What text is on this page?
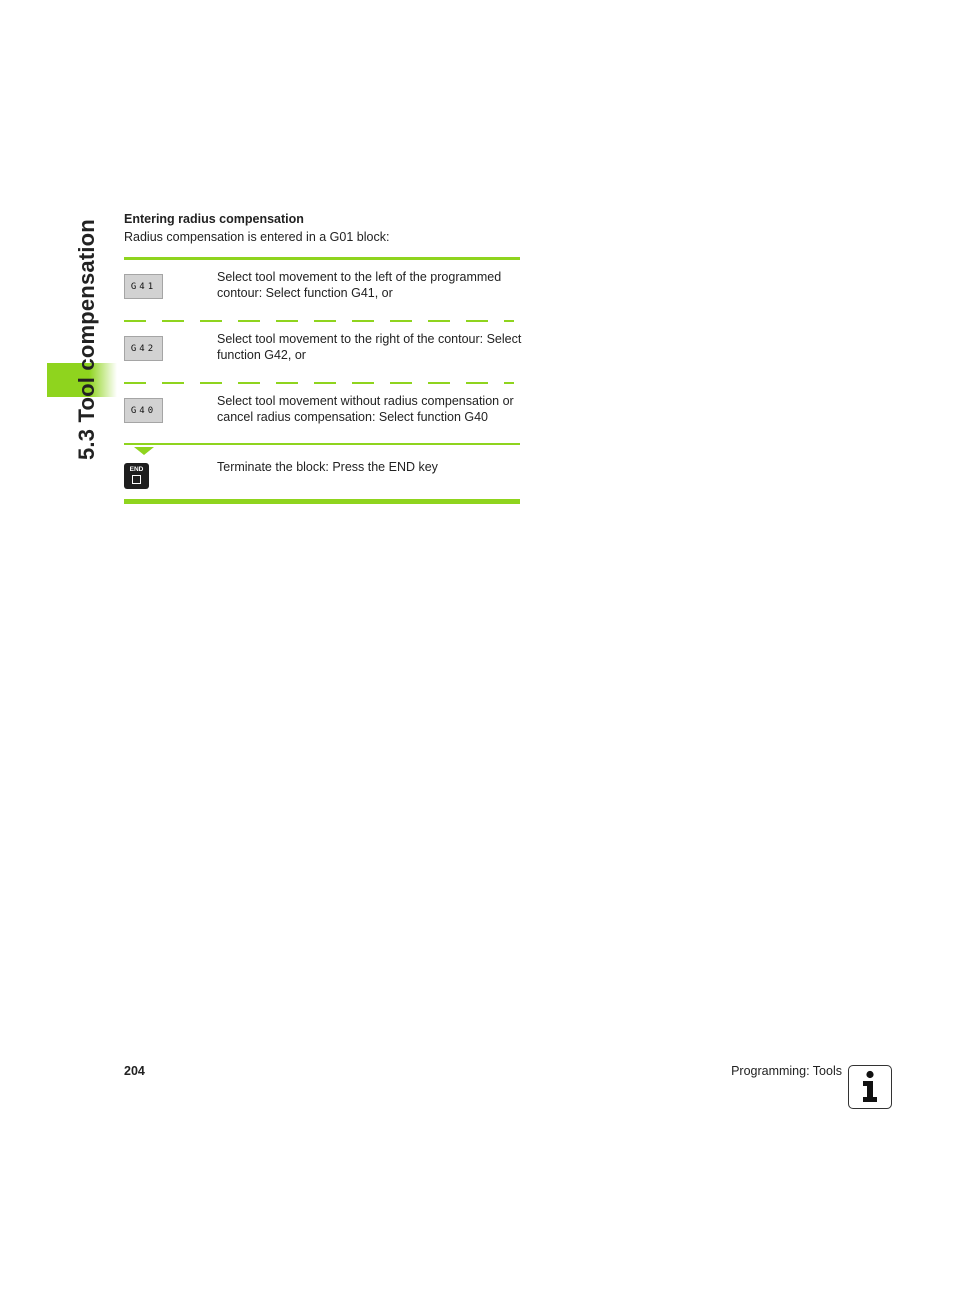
5.3 Tool compensation
Entering radius compensation
Radius compensation is entered in a G01 block:
G41
Select tool movement to the left of the programmed contour: Select function G41, or
G42
Select tool movement to the right of the contour: Select function G42, or
G40
Select tool movement without radius compensation or cancel radius compensation: Select function G40
END	Terminate the block: Press the END key
204	Programming: Tools
